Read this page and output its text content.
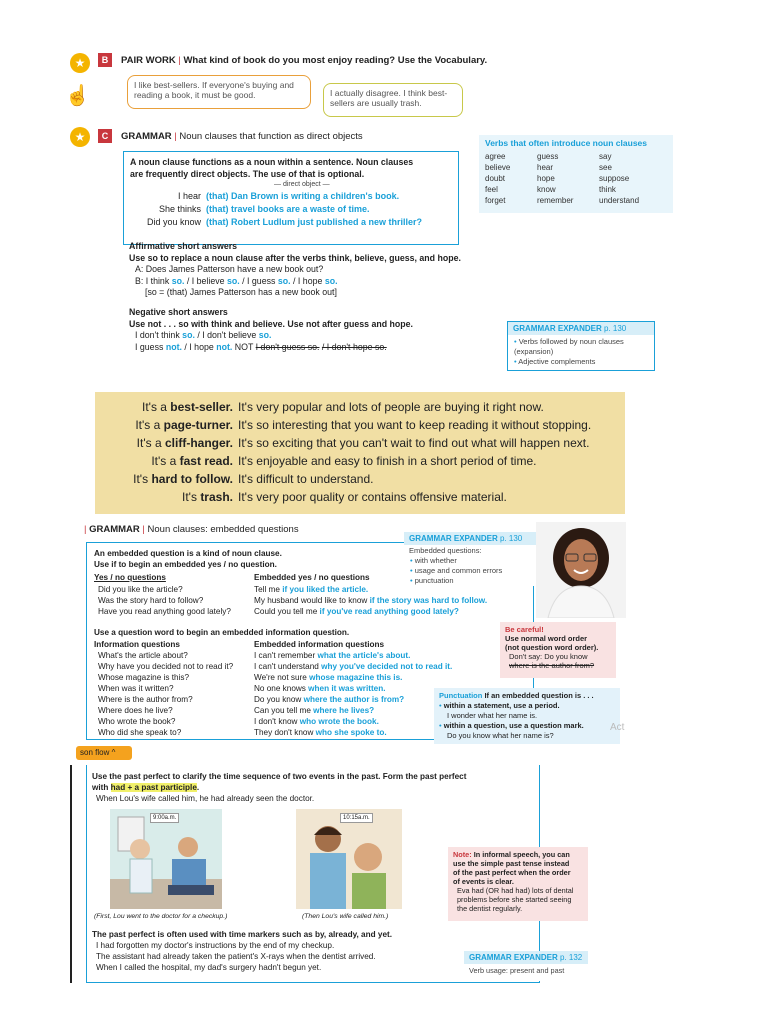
★	B	PAIR WORK | What kind of book do you most enjoy reading? Use the Vocabulary.
☝	I like best-sellers. If everyone's buying and reading a book, it must be good.	I actually disagree. I think best-sellers are usually trash.
★	C	GRAMMAR | Noun clauses that function as direct objects
A noun clause functions as a noun within a sentence. Noun clauses
are frequently direct objects. The use of that is optional.
— direct object —
I hear (that) Dan Brown is writing a children's book.
She thinks (that) travel books are a waste of time.
Did you know (that) Robert Ludlum just published a new thriller?
Verbs that often introduce noun clauses
agree	guess	say
believe	hear	see
doubt	hope	suppose
feel	know	think
forget	remember	understand
Affirmative short answers
Use so to replace a noun clause after the verbs think, believe, guess, and hope.
A: Does James Patterson have a new book out?
B: I think so. / I believe so. / I guess so. / I hope so.
[so = (that) James Patterson has a new book out]
Negative short answers
Use not . . . so with think and believe. Use not after guess and hope.
I don't think so. / I don't believe so.
I guess not. / I hope not. NOT I don't guess so. / I don't hope so.
GRAMMAR EXPANDER p. 130
• Verbs followed by noun clauses (expansion)
• Adjective complements
It's a best-seller. It's very popular and lots of people are buying it right now.
It's a page-turner. It's so interesting that you want to keep reading it without stopping.
It's a cliff-hanger. It's so exciting that you can't wait to find out what will happen next.
It's a fast read. It's enjoyable and easy to finish in a short period of time.
It's hard to follow. It's difficult to understand.
It's trash. It's very poor quality or contains offensive material.
| GRAMMAR | Noun clauses: embedded questions
An embedded question is a kind of noun clause.
Use if to begin an embedded yes / no question.
Yes / no questions	Embedded yes / no questions
Did you like the article?	Tell me if you liked the article.
Was the story hard to follow?	My husband would like to know if the story was hard to follow.
Have you read anything good lately?	Could you tell me if you've read anything good lately?
Use a question word to begin an embedded information question.
Information questions	Embedded information questions
What's the article about?	I can't remember what the article's about.
Why have you decided not to read it?	I can't understand why you've decided not to read it.
Whose magazine is this?	We're not sure whose magazine this is.
When was it written?	No one knows when it was written.
Where is the author from?	Do you know where the author is from?
Where does he live?	Can you tell me where he lives?
Who wrote the book?	I don't know who wrote the book.
Who did she speak to?	They don't know who she spoke to.
GRAMMAR EXPANDER p. 130
Embedded questions:
• with whether
• usage and common errors
• punctuation
Be careful!
Use normal word order
(not question word order).
Don't say: Do you know
where is the author from?
Punctuation If an embedded question is . . .
• within a statement, use a period.
I wonder what her name is.
• within a question, use a question mark.
Do you know what her name is?
Act
son flow ^
Use the past perfect to clarify the time sequence of two events in the past. Form the past perfect
with had + a past participle.
When Lou's wife called him, he had already seen the doctor.
9:00a.m.	10:15a.m.
(First, Lou went to the doctor for a checkup.)	(Then Lou's wife called him.)
Note: In informal speech, you can
use the simple past tense instead
of the past perfect when the order
of events is clear.
Eva had (OR had had) lots of dental
problems before she started seeing
the dentist regularly.
The past perfect is often used with time markers such as by, already, and yet.
I had forgotten my doctor's instructions by the end of my checkup.
The assistant had already taken the patient's X-rays when the dentist arrived.
When I called the hospital, my dad's surgery hadn't begun yet.
GRAMMAR EXPANDER p. 132
Verb usage: present and past
